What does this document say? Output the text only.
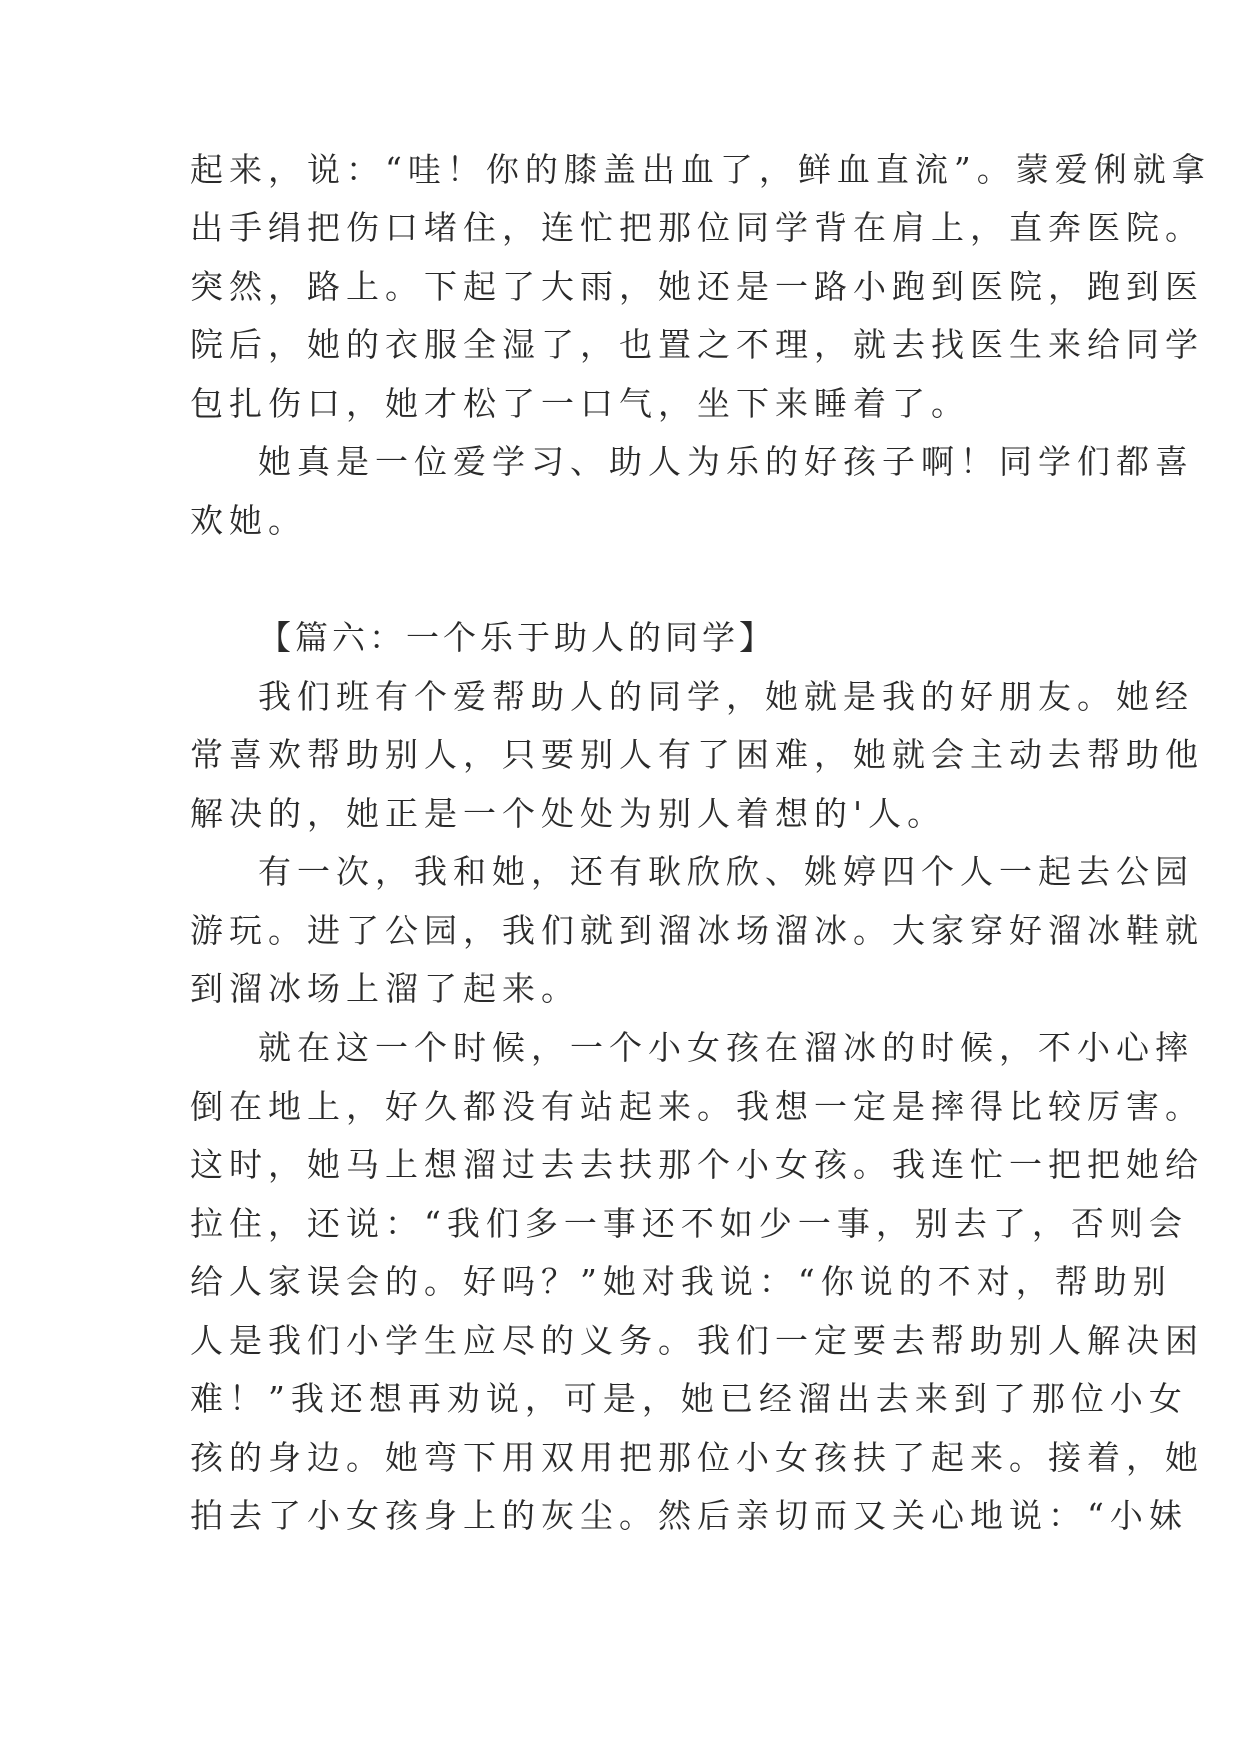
起来，说：“哇！你的膝盖出血了，鲜血直流”。蒙爱俐就拿
出手绢把伤口堵住，连忙把那位同学背在肩上，直奔医院。
突然，路上。下起了大雨，她还是一路小跑到医院，跑到医
院后，她的衣服全湿了，也置之不理，就去找医生来给同学
包扎伤口，她才松了一口气，坐下来睡着了。
她真是一位爱学习、助人为乐的好孩子啊！同学们都喜
欢她。
【篇六：一个乐于助人的同学】
我们班有个爱帮助人的同学，她就是我的好朋友。她经
常喜欢帮助别人，只要别人有了困难，她就会主动去帮助他
解决的，她正是一个处处为别人着想的'人。
有一次，我和她，还有耿欣欣、姚婷四个人一起去公园
游玩。进了公园，我们就到溜冰场溜冰。大家穿好溜冰鞋就
到溜冰场上溜了起来。
就在这一个时候，一个小女孩在溜冰的时候，不小心摔
倒在地上，好久都没有站起来。我想一定是摔得比较厉害。
这时，她马上想溜过去去扶那个小女孩。我连忙一把把她给
拉住，还说：“我们多一事还不如少一事，别去了，否则会
给人家误会的。好吗？”她对我说：“你说的不对，帮助别
人是我们小学生应尽的义务。我们一定要去帮助别人解决困
难！”我还想再劝说，可是，她已经溜出去来到了那位小女
孩的身边。她弯下用双用把那位小女孩扶了起来。接着，她
拍去了小女孩身上的灰尘。然后亲切而又关心地说：“小妹
